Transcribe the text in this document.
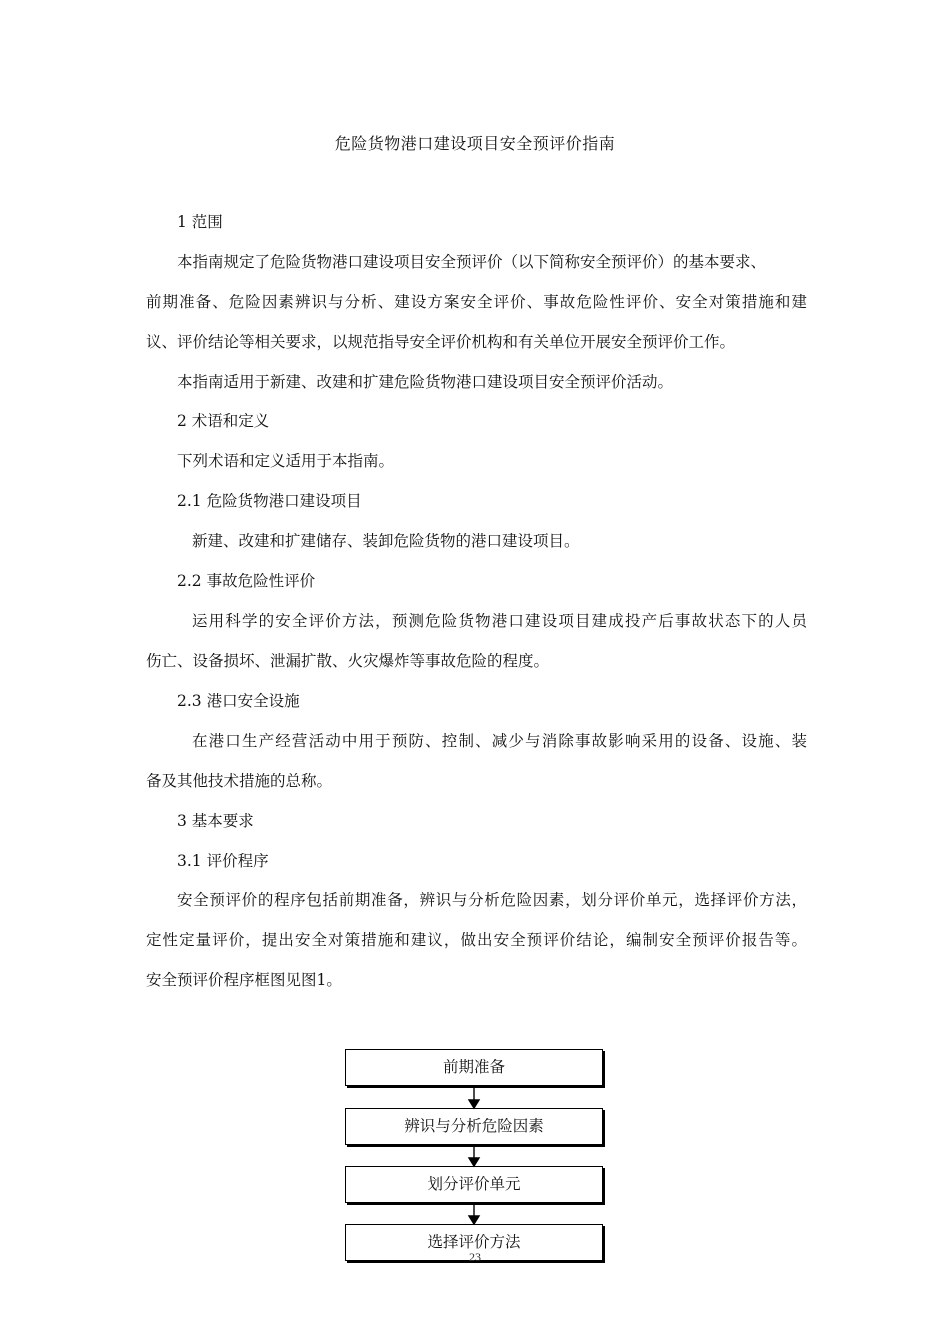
危险货物港口建设项目安全预评价指南
1 范围
本指南规定了危险货物港口建设项目安全预评价（以下简称安全预评价）的基本要求、
前期准备、危险因素辨识与分析、建设方案安全评价、事故危险性评价、安全对策措施和建
议、评价结论等相关要求，以规范指导安全评价机构和有关单位开展安全预评价工作。
本指南适用于新建、改建和扩建危险货物港口建设项目安全预评价活动。
2 术语和定义
下列术语和定义适用于本指南。
2.1 危险货物港口建设项目
新建、改建和扩建储存、装卸危险货物的港口建设项目。
2.2 事故危险性评价
运用科学的安全评价方法，预测危险货物港口建设项目建成投产后事故状态下的人员
伤亡、设备损坏、泄漏扩散、火灾爆炸等事故危险的程度。
2.3 港口安全设施
在港口生产经营活动中用于预防、控制、减少与消除事故影响采用的设备、设施、装
备及其他技术措施的总称。
3 基本要求
3.1 评价程序
安全预评价的程序包括前期准备，辨识与分析危险因素，划分评价单元，选择评价方法，
定性定量评价，提出安全对策措施和建议，做出安全预评价结论，编制安全预评价报告等。
安全预评价程序框图见图1。
前期准备
辨识与分析危险因素
划分评价单元
选择评价方法
23
